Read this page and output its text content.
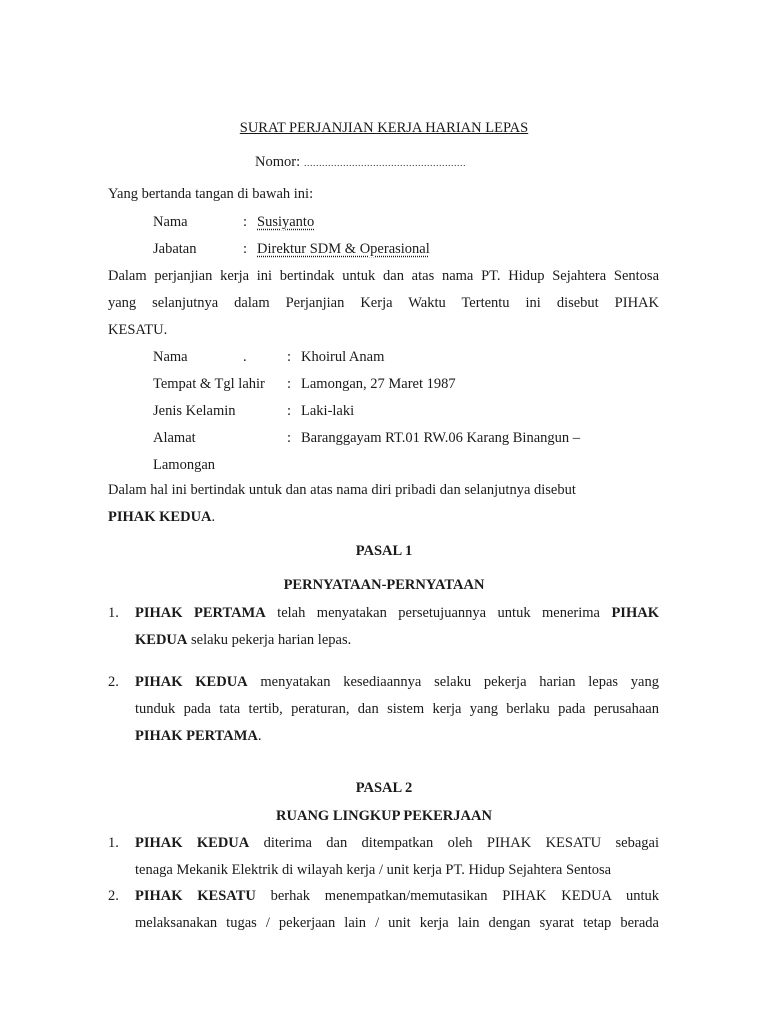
SURAT PERJANJIAN KERJA HARIAN LEPAS
Nomor: ………………………………………………
Yang bertanda tangan di bawah ini:
Nama	: Susiyanto
Jabatan	: Direktur SDM & Operasional
Dalam perjanjian kerja ini bertindak untuk dan atas nama PT. Hidup Sejahtera Sentosa
yang selanjutnya dalam Perjanjian Kerja Waktu Tertentu ini disebut PIHAK
KESATU.
Nama	.	: Khoirul Anam
Tempat & Tgl lahir : Lamongan, 27 Maret 1987
Jenis Kelamin	: Laki-laki
Alamat	: Baranggayam RT.01 RW.06 Karang Binangun –
Lamongan
Dalam hal ini bertindak untuk dan atas nama diri pribadi dan selanjutnya disebut
PIHAK KEDUA.
PASAL 1
PERNYATAAN-PERNYATAAN
1. PIHAK PERTAMA telah menyatakan persetujuannya untuk menerima PIHAK
KEDUA selaku pekerja harian lepas.
2. PIHAK KEDUA menyatakan kesediaannya selaku pekerja harian lepas yang
tunduk pada tata tertib, peraturan, dan sistem kerja yang berlaku pada perusahaan
PIHAK PERTAMA.
PASAL 2
RUANG LINGKUP PEKERJAAN
1. PIHAK KEDUA diterima dan ditempatkan oleh PIHAK KESATU sebagai
tenaga Mekanik Elektrik di wilayah kerja / unit kerja PT. Hidup Sejahtera Sentosa
2. PIHAK KESATU berhak menempatkan/memutasikan PIHAK KEDUA untuk
melaksanakan tugas / pekerjaan lain / unit kerja lain dengan syarat tetap berada
